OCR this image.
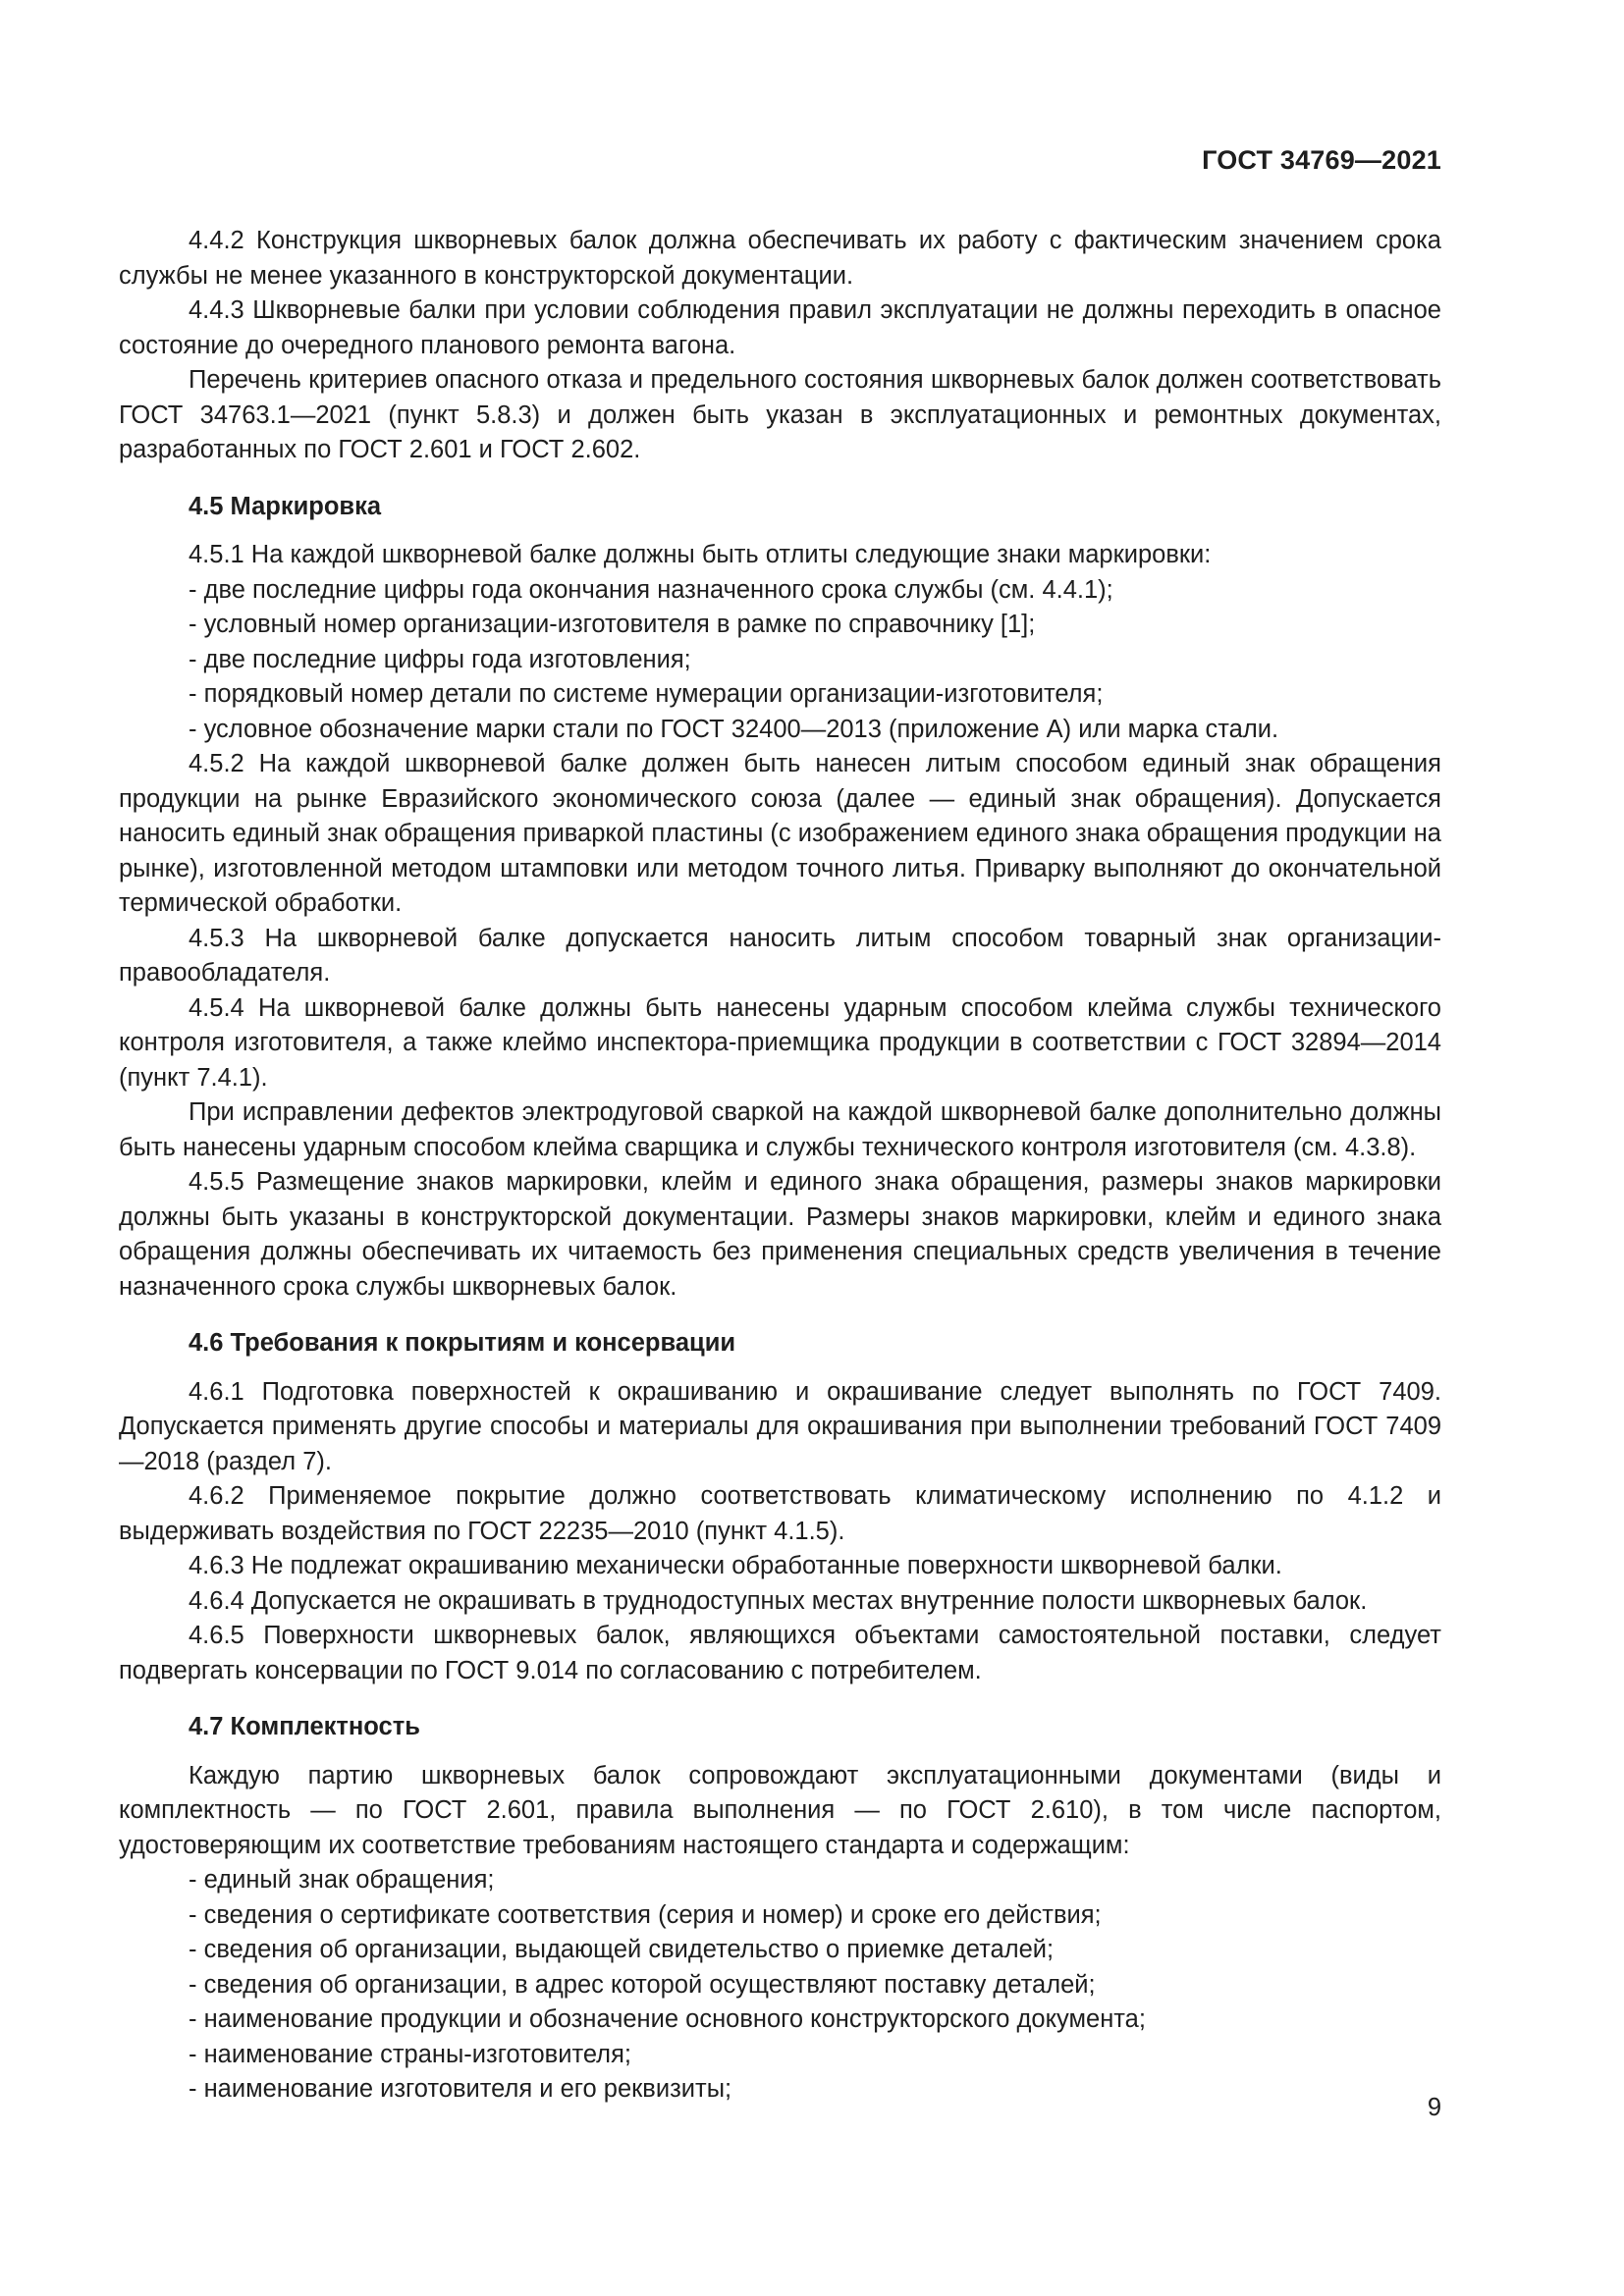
ГОСТ 34769—2021
4.4.2 Конструкция шкворневых балок должна обеспечивать их работу с фактическим значением срока службы не менее указанного в конструкторской документации.
4.4.3 Шкворневые балки при условии соблюдения правил эксплуатации не должны переходить в опасное состояние до очередного планового ремонта вагона.
Перечень критериев опасного отказа и предельного состояния шкворневых балок должен соответствовать ГОСТ 34763.1—2021 (пункт 5.8.3) и должен быть указан в эксплуатационных и ремонтных документах, разработанных по ГОСТ 2.601 и ГОСТ 2.602.
4.5 Маркировка
4.5.1 На каждой шкворневой балке должны быть отлиты следующие знаки маркировки:
- две последние цифры года окончания назначенного срока службы (см. 4.4.1);
- условный номер организации-изготовителя в рамке по справочнику [1];
- две последние цифры года изготовления;
- порядковый номер детали по системе нумерации организации-изготовителя;
- условное обозначение марки стали по ГОСТ 32400—2013 (приложение А) или марка стали.
4.5.2 На каждой шкворневой балке должен быть нанесен литым способом единый знак обращения продукции на рынке Евразийского экономического союза (далее — единый знак обращения). Допускается наносить единый знак обращения приваркой пластины (с изображением единого знака обращения продукции на рынке), изготовленной методом штамповки или методом точного литья. Приварку выполняют до окончательной термической обработки.
4.5.3 На шкворневой балке допускается наносить литым способом товарный знак организации-правообладателя.
4.5.4 На шкворневой балке должны быть нанесены ударным способом клейма службы технического контроля изготовителя, а также клеймо инспектора-приемщика продукции в соответствии с ГОСТ 32894—2014 (пункт 7.4.1).
При исправлении дефектов электродуговой сваркой на каждой шкворневой балке дополнительно должны быть нанесены ударным способом клейма сварщика и службы технического контроля изготовителя (см. 4.3.8).
4.5.5 Размещение знаков маркировки, клейм и единого знака обращения, размеры знаков маркировки должны быть указаны в конструкторской документации. Размеры знаков маркировки, клейм и единого знака обращения должны обеспечивать их читаемость без применения специальных средств увеличения в течение назначенного срока службы шкворневых балок.
4.6 Требования к покрытиям и консервации
4.6.1 Подготовка поверхностей к окрашиванию и окрашивание следует выполнять по ГОСТ 7409. Допускается применять другие способы и материалы для окрашивания при выполнении требований ГОСТ 7409—2018 (раздел 7).
4.6.2 Применяемое покрытие должно соответствовать климатическому исполнению по 4.1.2 и выдерживать воздействия по ГОСТ 22235—2010 (пункт 4.1.5).
4.6.3 Не подлежат окрашиванию механически обработанные поверхности шкворневой балки.
4.6.4 Допускается не окрашивать в труднодоступных местах внутренние полости шкворневых балок.
4.6.5 Поверхности шкворневых балок, являющихся объектами самостоятельной поставки, следует подвергать консервации по ГОСТ 9.014 по согласованию с потребителем.
4.7 Комплектность
Каждую партию шкворневых балок сопровождают эксплуатационными документами (виды и комплектность — по ГОСТ 2.601, правила выполнения — по ГОСТ 2.610), в том числе паспортом, удостоверяющим их соответствие требованиям настоящего стандарта и содержащим:
- единый знак обращения;
- сведения о сертификате соответствия (серия и номер) и сроке его действия;
- сведения об организации, выдающей свидетельство о приемке деталей;
- сведения об организации, в адрес которой осуществляют поставку деталей;
- наименование продукции и обозначение основного конструкторского документа;
- наименование страны-изготовителя;
- наименование изготовителя и его реквизиты;
9
